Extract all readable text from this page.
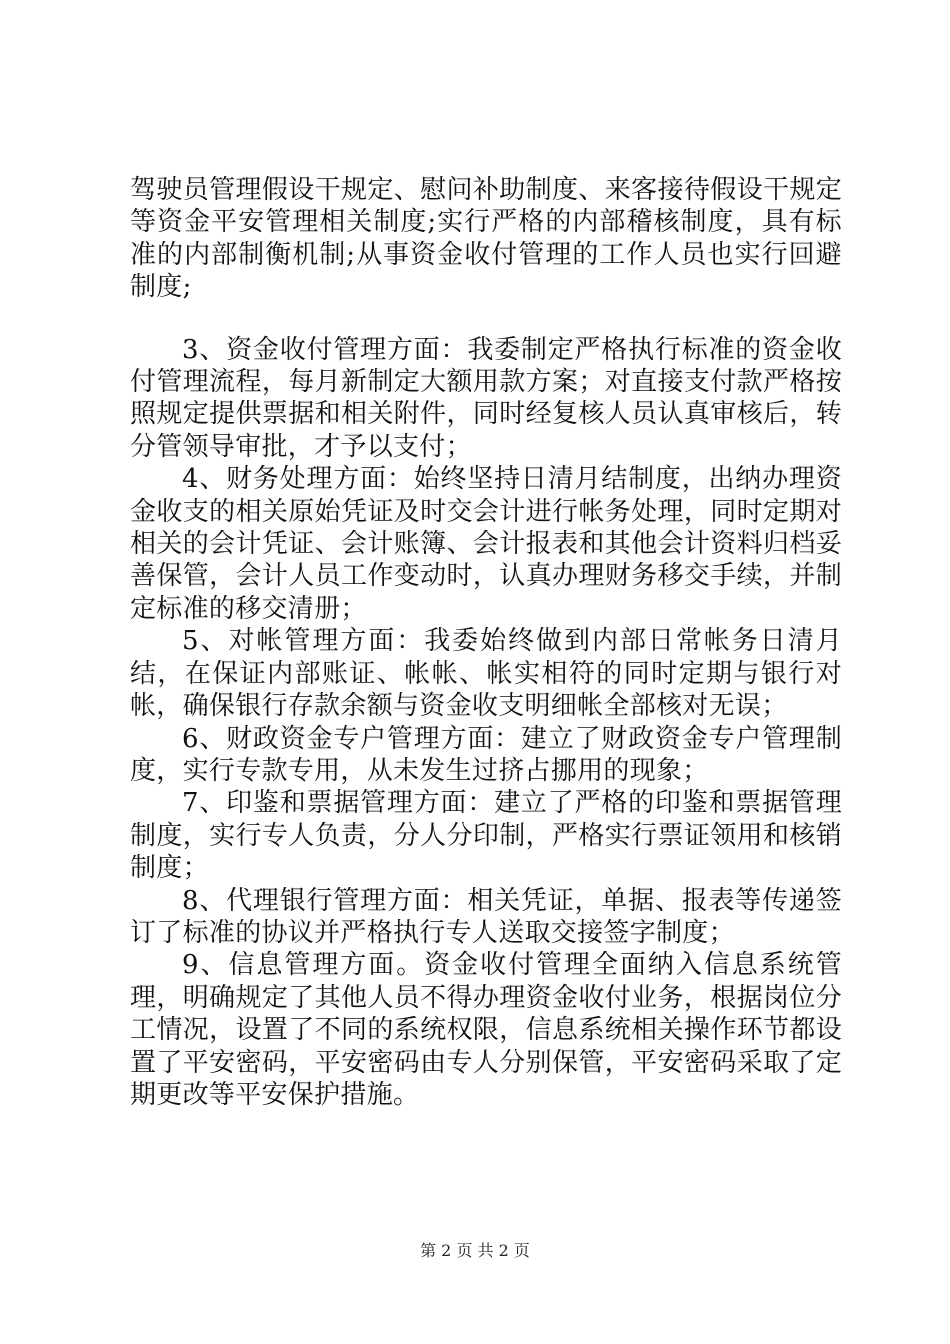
驾驶员管理假设干规定、慰问补助制度、来客接待假设干规定等资金平安管理相关制度;实行严格的内部稽核制度，具有标准的内部制衡机制;从事资金收付管理的工作人员也实行回避制度;

3、资金收付管理方面：我委制定严格执行标准的资金收付管理流程，每月新制定大额用款方案；对直接支付款严格按照规定提供票据和相关附件，同时经复核人员认真审核后，转分管领导审批，才予以支付；

4、财务处理方面：始终坚持日清月结制度，出纳办理资金收支的相关原始凭证及时交会计进行帐务处理，同时定期对相关的会计凭证、会计账簿、会计报表和其他会计资料归档妥善保管，会计人员工作变动时，认真办理财务移交手续，并制定标准的移交清册；

5、对帐管理方面：我委始终做到内部日常帐务日清月结，在保证内部账证、帐帐、帐实相符的同时定期与银行对帐，确保银行存款余额与资金收支明细帐全部核对无误；

6、财政资金专户管理方面：建立了财政资金专户管理制度，实行专款专用，从未发生过挤占挪用的现象；

7、印鉴和票据管理方面：建立了严格的印鉴和票据管理制度，实行专人负责，分人分印制，严格实行票证领用和核销制度；

8、代理银行管理方面：相关凭证，单据、报表等传递签订了标准的协议并严格执行专人送取交接签字制度；

9、信息管理方面。资金收付管理全面纳入信息系统管理，明确规定了其他人员不得办理资金收付业务，根据岗位分工情况，设置了不同的系统权限，信息系统相关操作环节都设置了平安密码，平安密码由专人分别保管，平安密码采取了定期更改等平安保护措施。

第 2 页 共 2 页
